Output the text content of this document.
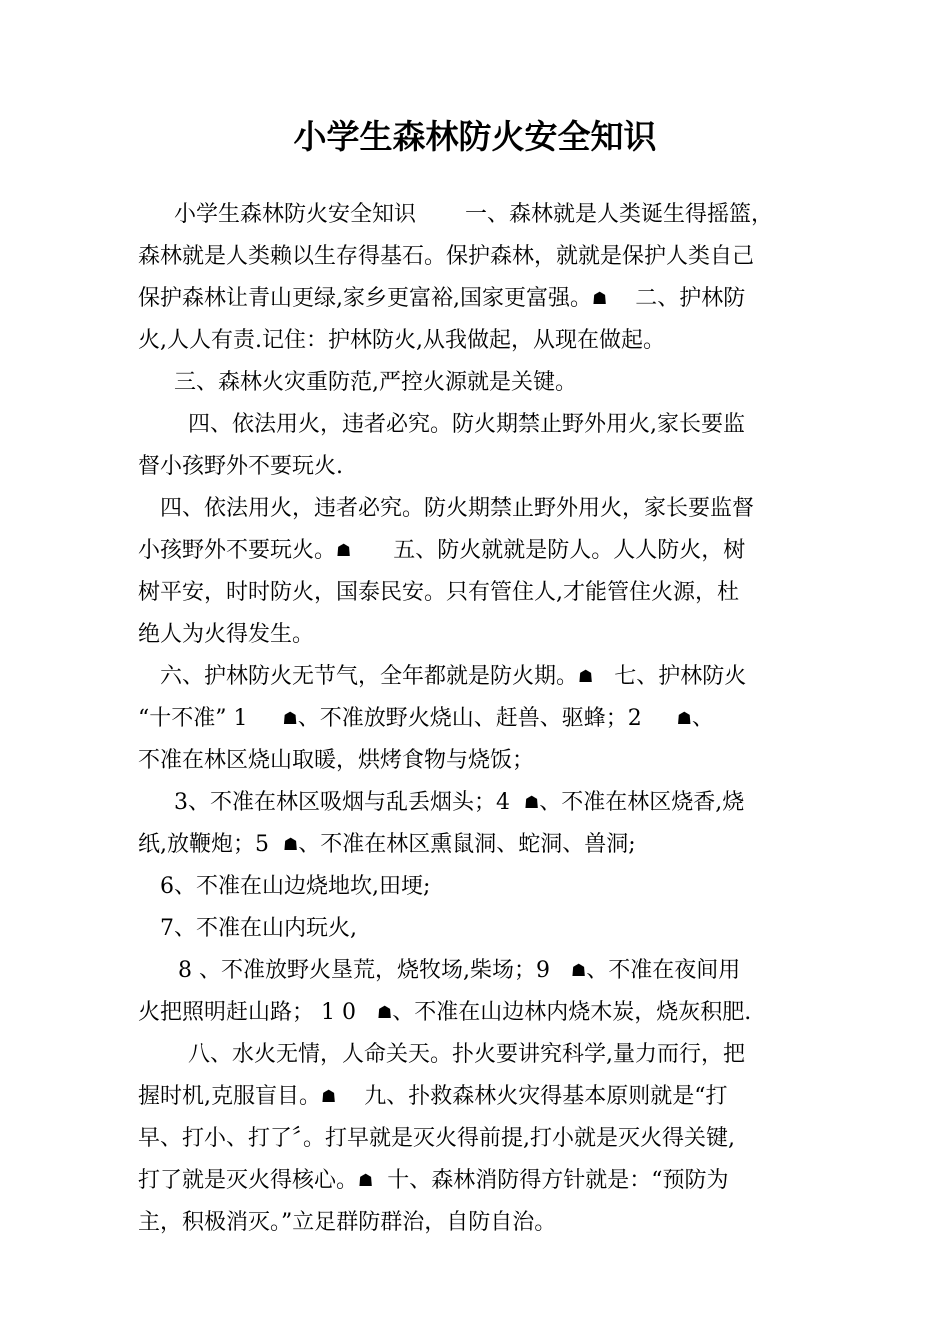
小学生森林防火安全知识
小学生森林防火安全知识       一、森林就是人类诞生得摇篮，
森林就是人类赖以生存得基石。保护森林，就就是保护人类自己
保护森林让青山更绿,家乡更富裕,国家更富强。☗    二、护林防
火,人人有责.记住：护林防火,从我做起，从现在做起。
三、森林火灾重防范,严控火源就是关键。
四、依法用火，违者必究。防火期禁止野外用火,家长要监
督小孩野外不要玩火.
四、依法用火，违者必究。防火期禁止野外用火，家长要监督
小孩野外不要玩火。☗      五、防火就就是防人。人人防火，树
树平安，时时防火，国泰民安。只有管住人,才能管住火源，杜
绝人为火得发生。
六、护林防火无节气，全年都就是防火期。☗   七、护林防火
“十不准” 1     ☗、不准放野火烧山、赶兽、驱蜂；2     ☗、
不准在林区烧山取暖，烘烤食物与烧饭；
3、不准在林区吸烟与乱丢烟头；4  ☗、不准在林区烧香,烧
纸,放鞭炮；5  ☗、不准在林区熏鼠洞、蛇洞、兽洞;
6、不准在山边烧地坎,田埂;
7、不准在山内玩火,
8 、不准放野火垦荒，烧牧场,柴场；9   ☗、不准在夜间用
火把照明赶山路； 1 0   ☗、不准在山边林内烧木炭，烧灰积肥.
八、水火无情，人命关天。扑火要讲究科学,量力而行，把
握时机,克服盲目。☗    九、扑救森林火灾得基本原则就是“打
早、打小、打了〞。打早就是灭火得前提,打小就是灭火得关键,
打了就是灭火得核心。☗  十、森林消防得方针就是：“预防为
主，积极消灭。”立足群防群治，自防自治。
